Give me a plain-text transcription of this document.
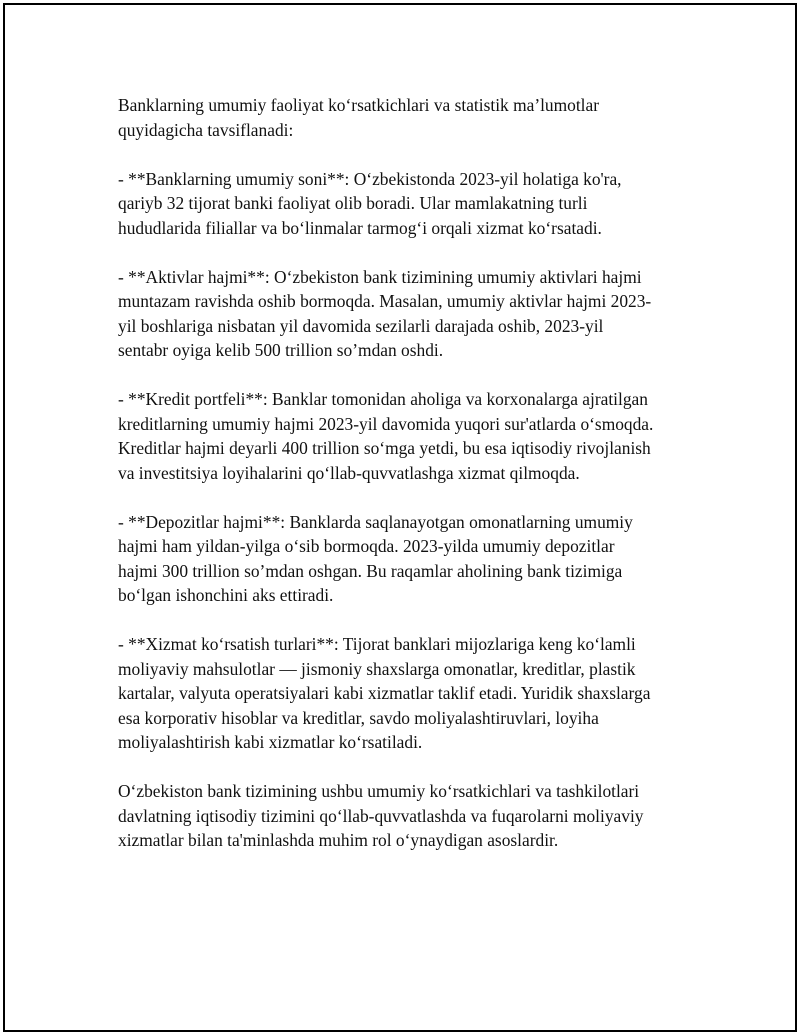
Banklarning umumiy faoliyat ko‘rsatkichlari va statistik ma’lumotlar
quyidagicha tavsiflanadi:
- **Banklarning umumiy soni**: O‘zbekistonda 2023-yil holatiga ko'ra,
qariyb 32 tijorat banki faoliyat olib boradi. Ular mamlakatning turli
hududlarida filiallar va bo‘linmalar tarmog‘i orqali xizmat ko‘rsatadi.
- **Aktivlar hajmi**: O‘zbekiston bank tizimining umumiy aktivlari hajmi
muntazam ravishda oshib bormoqda. Masalan, umumiy aktivlar hajmi 2023-
yil boshlariga nisbatan yil davomida sezilarli darajada oshib, 2023-yil
sentabr oyiga kelib 500 trillion so’mdan oshdi.
- **Kredit portfeli**: Banklar tomonidan aholiga va korxonalarga ajratilgan
kreditlarning umumiy hajmi 2023-yil davomida yuqori sur'atlarda o‘smoqda.
Kreditlar hajmi deyarli 400 trillion so‘mga yetdi, bu esa iqtisodiy rivojlanish
va investitsiya loyihalarini qo‘llab-quvvatlashga xizmat qilmoqda.
- **Depozitlar hajmi**: Banklarda saqlanayotgan omonatlarning umumiy
hajmi ham yildan-yilga o‘sib bormoqda. 2023-yilda umumiy depozitlar
hajmi 300 trillion so’mdan oshgan. Bu raqamlar aholining bank tizimiga
bo‘lgan ishonchini aks ettiradi.
- **Xizmat ko‘rsatish turlari**: Tijorat banklari mijozlariga keng ko‘lamli
moliyaviy mahsulotlar — jismoniy shaxslarga omonatlar, kreditlar, plastik
kartalar, valyuta operatsiyalari kabi xizmatlar taklif etadi. Yuridik shaxslarga
esa korporativ hisoblar va kreditlar, savdo moliyalashtiruvlari, loyiha
moliyalashtirish kabi xizmatlar ko‘rsatiladi.
O‘zbekiston bank tizimining ushbu umumiy ko‘rsatkichlari va tashkilotlari
davlatning iqtisodiy tizimini qo‘llab-quvvatlashda va fuqarolarni moliyaviy
xizmatlar bilan ta'minlashda muhim rol o‘ynaydigan asoslardir.
